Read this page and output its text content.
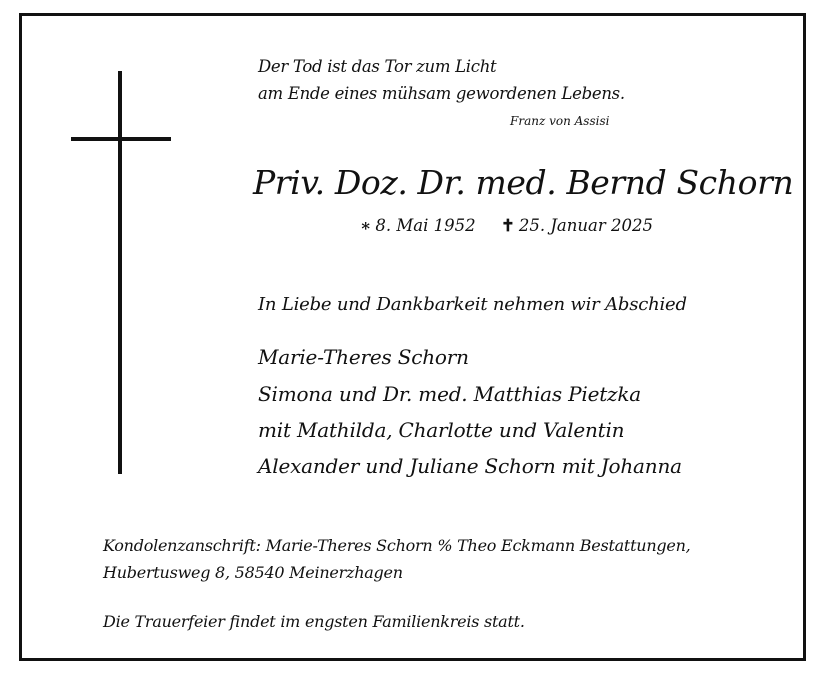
Der Tod ist das Tor zum Licht

am Ende eines mühsam gewordenen Lebens.

Franz von Assisi

Priv. Doz. Dr. med. Bernd Schorn

∗ 8. Mai 1952 ✝ 25. Januar 2025

In Liebe und Dankbarkeit nehmen wir Abschied

Marie-Theres Schorn

Simona und Dr. med. Matthias Pietzka

mit Mathilda, Charlotte und Valentin

Alexander und Juliane Schorn mit Johanna

Kondolenzanschrift: Marie-Theres Schorn % Theo Eckmann Bestattungen,

Hubertusweg 8, 58540 Meinerzhagen

Die Trauerfeier findet im engsten Familienkreis statt.
